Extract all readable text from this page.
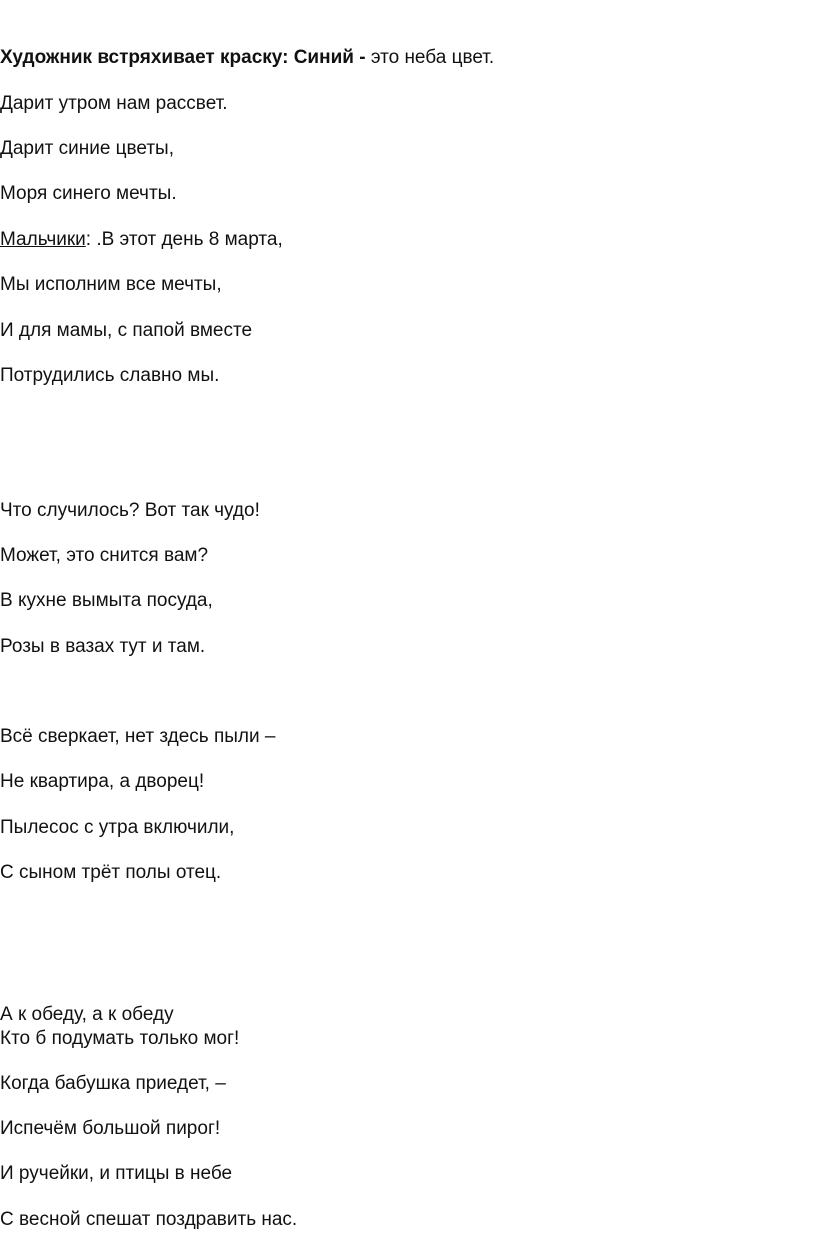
Художник встряхивает краску: Синий - это неба цвет.
Дарит утром нам рассвет.
Дарит синие цветы,
Моря синего мечты.
Мальчики: .В этот день 8 марта,
Мы исполним все мечты,
И для мамы, с папой вместе
Потрудились славно мы.
Что случилось? Вот так чудо!
Может, это снится вам?
В кухне вымыта посуда,
Розы в вазах тут и там.
Всё сверкает, нет здесь пыли –
Не квартира, а дворец!
Пылесос с утра включили,
С сыном трёт полы отец.
А к обеду, а к обеду
Кто б подумать только мог!
Когда бабушка приедет, –
Испечём большой пирог!
И ручейки, и птицы в небе
С весной спешат поздравить нас.
